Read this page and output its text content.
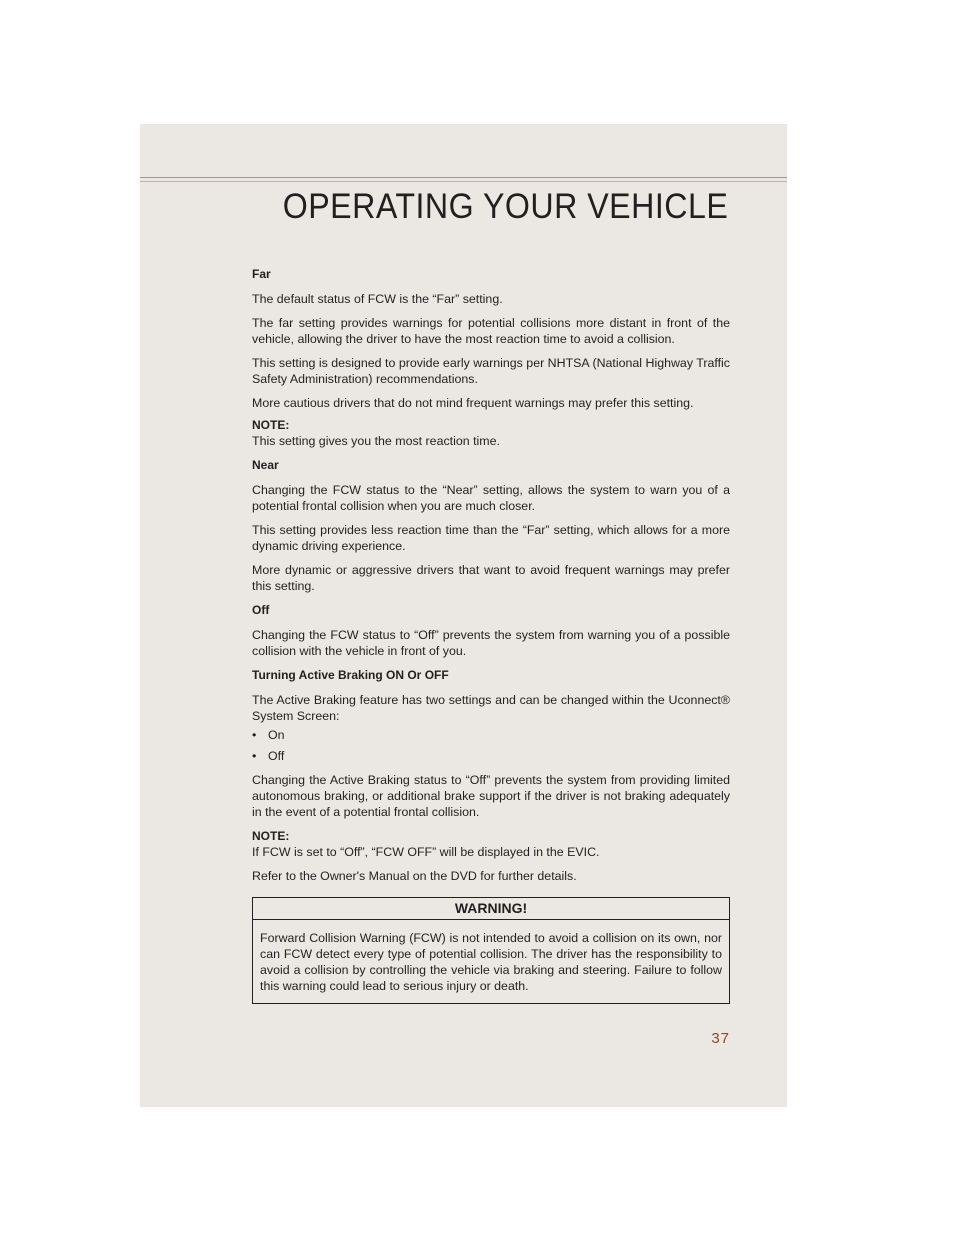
OPERATING YOUR VEHICLE
Far

The default status of FCW is the “Far” setting.

The far setting provides warnings for potential collisions more distant in front of the vehicle, allowing the driver to have the most reaction time to avoid a collision.

This setting is designed to provide early warnings per NHTSA (National Highway Traffic Safety Administration) recommendations.

More cautious drivers that do not mind frequent warnings may prefer this setting.

NOTE:

This setting gives you the most reaction time.

Near

Changing the FCW status to the “Near” setting, allows the system to warn you of a potential frontal collision when you are much closer.

This setting provides less reaction time than the “Far” setting, which allows for a more dynamic driving experience.

More dynamic or aggressive drivers that want to avoid frequent warnings may prefer this setting.

Off

Changing the FCW status to “Off” prevents the system from warning you of a possible collision with the vehicle in front of you.

Turning Active Braking ON Or OFF

The Active Braking feature has two settings and can be changed within the Uconnect® System Screen:

• On
• Off

Changing the Active Braking status to “Off” prevents the system from providing limited autonomous braking, or additional brake support if the driver is not braking adequately in the event of a potential frontal collision.

NOTE:

If FCW is set to “Off”, “FCW OFF” will be displayed in the EVIC.

Refer to the Owner's Manual on the DVD for further details.

WARNING!
Forward Collision Warning (FCW) is not intended to avoid a collision on its own, nor can FCW detect every type of potential collision. The driver has the responsibility to avoid a collision by controlling the vehicle via braking and steering. Failure to follow this warning could lead to serious injury or death.
37
